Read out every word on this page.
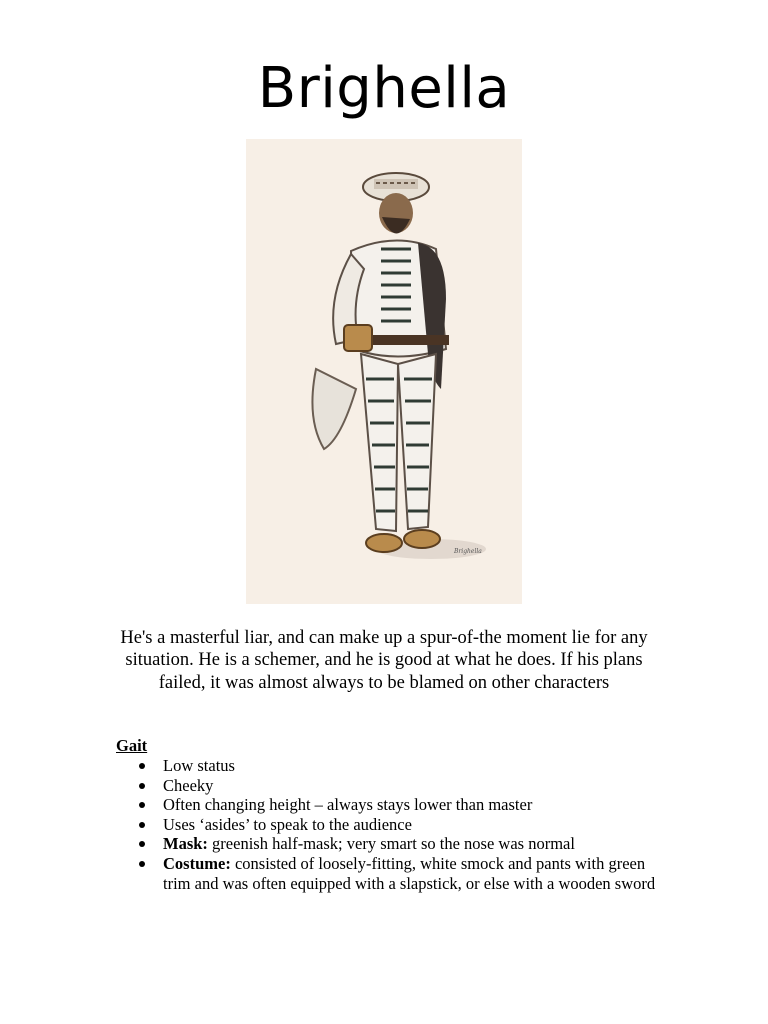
Brighella
Brighella
He's a masterful liar, and can make up a spur-of-the moment lie for any situation. He is a schemer, and he is good at what he does. If his plans failed, it was almost always to be blamed on other characters
Gait
Low status
Cheeky
Often changing height – always stays lower than master
Uses ‘asides’ to speak to the audience
Mask: greenish half-mask; very smart so the nose was normal
Costume: consisted of loosely-fitting, white smock and pants with green trim and was often equipped with a slapstick, or else with a wooden sword
